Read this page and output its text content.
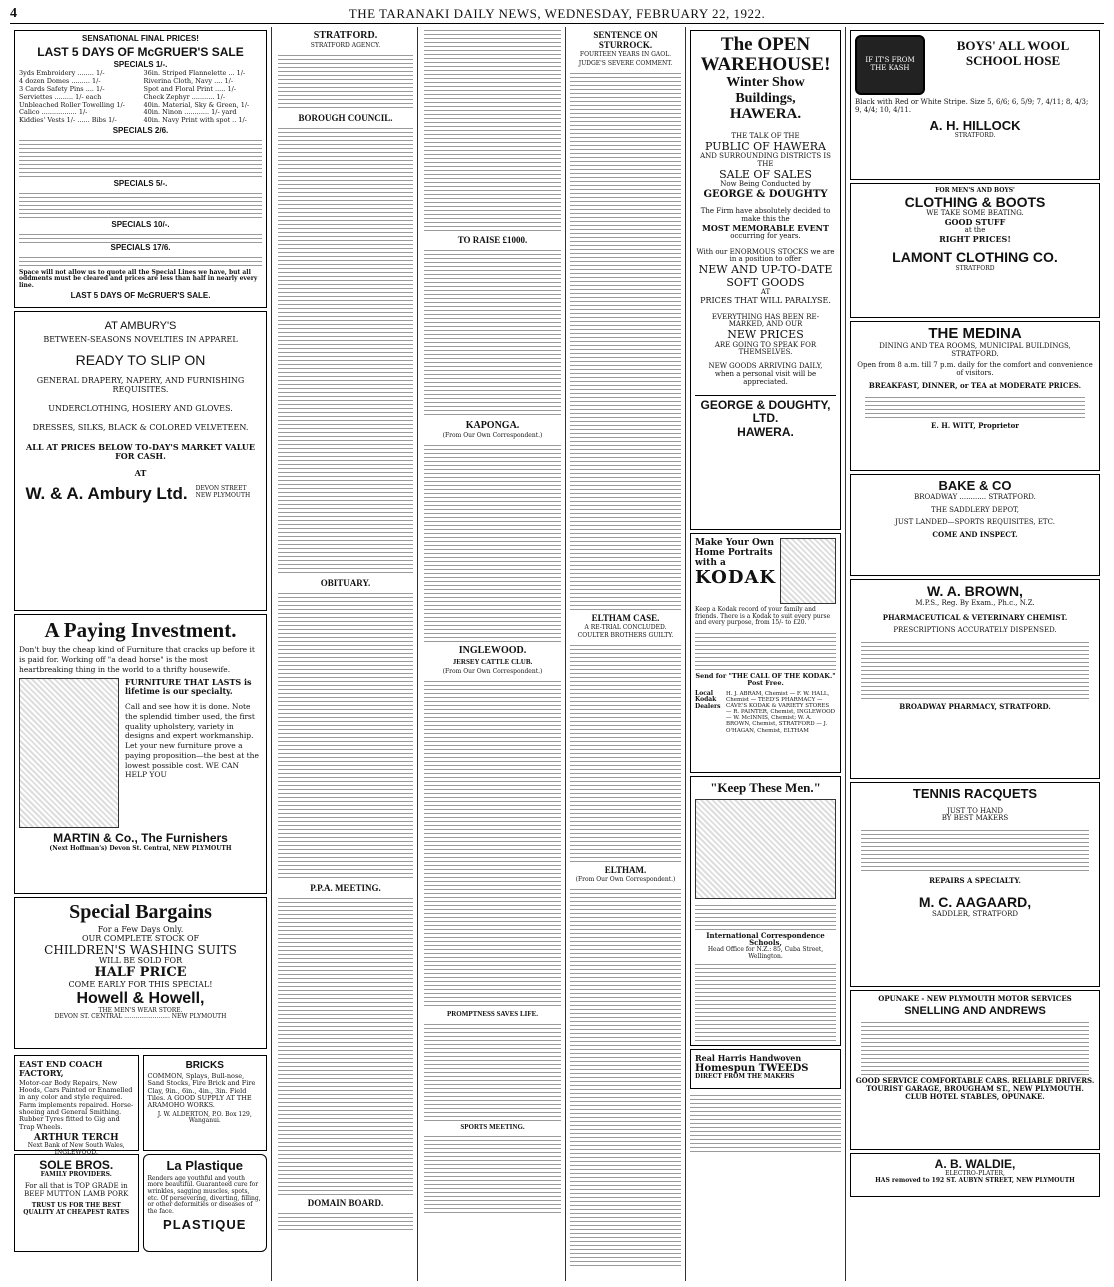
4	THE TARANAKI DAILY NEWS, WEDNESDAY, FEBRUARY 22, 1922.
SENSATIONAL FINAL PRICES!
LAST 5 DAYS OF McGRUER'S SALE
SPECIALS 1/-.
3yds Embroidery ........ 1/-
4 dozen Domes ......... 1/-
3 Cards Safety Pins .... 1/-
Serviettes ......... 1/- each
Unbleached Roller Towelling 1/-
Calico ................. 1/-
Kiddies' Vests 1/- ...... Bibs 1/-
36in. Striped Flannelette ... 1/-
Riverina Cloth, Navy .... 1/-
Spot and Floral Print ..... 1/-
Check Zephyr ........... 1/-
40in. Material, Sky & Green, 1/-
40in. Ninon ............ 1/- yard
40in. Navy Print with spot .. 1/-
SPECIALS 2/6.
SPECIALS 5/-.
SPECIALS 10/-.
SPECIALS 17/6.
Space will not allow us to quote all the Special Lines we have, but all oddments must be cleared and prices are less than half in nearly every line.
LAST 5 DAYS OF McGRUER'S SALE.
AT AMBURY'S
BETWEEN-SEASONS NOVELTIES IN APPAREL
READY TO SLIP ON
GENERAL DRAPERY, NAPERY, AND FURNISHING REQUISITES.
UNDERCLOTHING, HOSIERY AND GLOVES.
DRESSES, SILKS, BLACK & COLORED VELVETEEN.
ALL AT PRICES BELOW TO-DAY'S MARKET VALUE FOR CASH.
AT
W. & A. Ambury Ltd. DEVON STREET NEW PLYMOUTH
A Paying Investment.
Don't buy the cheap kind of Furniture that cracks up before it is paid for. Working off "a dead horse" is the most heartbreaking thing in the world to a thrifty housewife.
FURNITURE THAT LASTS is lifetime is our specialty.
Call and see how it is done. Note the splendid timber used, the first quality upholstery, variety in designs and expert workmanship. Let your new furniture prove a paying proposition—the best at the lowest possible cost. WE CAN HELP YOU
MARTIN & Co., The Furnishers
(Next Hoffman's) Devon St. Central, NEW PLYMOUTH
Special Bargains
For a Few Days Only.
OUR COMPLETE STOCK OF
CHILDREN'S WASHING SUITS
WILL BE SOLD FOR
HALF PRICE
COME EARLY FOR THIS SPECIAL!
Howell & Howell,
THE MEN'S WEAR STORE.
DEVON ST. CENTRAL ........................ NEW PLYMOUTH
EAST END COACH FACTORY,
Motor-car Body Repairs, New Hoods, Cars Painted or Enamelled in any color and style required. Farm implements repaired. Horse-shoeing and General Smithing. Rubber Tyres fitted to Gig and Trap Wheels.
ARTHUR TERCH
Next Bank of New South Wales, INGLEWOOD.
SOLE BROS.
FAMILY PROVIDERS.
For all that is TOP GRADE in BEEF MUTTON LAMB PORK
TRUST US FOR THE BEST QUALITY AT CHEAPEST RATES
BRICKS
COMMON, Splays, Bull-nose, Sand Stocks, Fire Brick and Fire Clay, 9in., 6in., 4in., 3in. Field Tiles. A GOOD SUPPLY AT THE ARAMOHO WORKS.
J. W. ALDERTON, P.O. Box 129, Wanganui.
La Plastique
Renders age youthful and youth more beautiful. Guaranteed cure for wrinkles, sagging muscles, spots, etc. Of persevering, diverting, filling, or other deformities or diseases of the face.
PLASTIQUE
STRATFORD.
STRATFORD AGENCY.
BOROUGH COUNCIL.
OBITUARY.
P.P.A. MEETING.
DOMAIN BOARD.
TO RAISE £1000.
KAPONGA.
(From Our Own Correspondent.)
INGLEWOOD.
JERSEY CATTLE CLUB.
(From Our Own Correspondent.)
PROMPTNESS SAVES LIFE.
SPORTS MEETING.
SENTENCE ON STURROCK.
FOURTEEN YEARS IN GAOL.
JUDGE'S SEVERE COMMENT.
ELTHAM CASE.
A RE-TRIAL CONCLUDED.
COULTER BROTHERS GUILTY.
ELTHAM.
(From Our Own Correspondent.)
The OPEN WAREHOUSE!
Winter Show Buildings,
HAWERA.
THE TALK OF THE
PUBLIC OF HAWERA
AND SURROUNDING DISTRICTS IS THE
SALE OF SALES
Now Being Conducted by
GEORGE & DOUGHTY
The Firm have absolutely decided to make this the
MOST MEMORABLE EVENT
occurring for years.
With our ENORMOUS STOCKS we are in a position to offer
NEW AND UP-TO-DATE
SOFT GOODS
AT
PRICES THAT WILL PARALYSE.
EVERYTHING HAS BEEN RE-MARKED, AND OUR
NEW PRICES
ARE GOING TO SPEAK FOR THEMSELVES.
NEW GOODS ARRIVING DAILY,
when a personal visit will be appreciated.
GEORGE & DOUGHTY, LTD.
HAWERA.
Make Your Own
Home Portraits
with a
KODAK
Keep a Kodak record of your family and friends. There is a Kodak to suit every purse and every purpose, from 15/- to £20.
Send for "THE CALL OF THE KODAK." Post Free.
Local Kodak Dealers
H. J. ABRAM, Chemist — F. W. HALL, Chemist — TEED'S PHARMACY — CAVE'S KODAK & VARIETY STORES — R. PAINTER, Chemist, INGLEWOOD — W. McINNIS, Chemist; W. A. BROWN, Chemist, STRATFORD — J. O'HAGAN, Chemist, ELTHAM
"Keep These Men."
International Correspondence Schools,
Head Office for N.Z.: 85, Cuba Street, Wellington.
Real Harris Handwoven
Homespun TWEEDS
DIRECT FROM THE MAKERS
IF IT'S FROM THE KASH
BOYS' ALL WOOL SCHOOL HOSE
Black with Red or White Stripe. Size 5, 6/6; 6, 5/9; 7, 4/11; 8, 4/3; 9, 4/4; 10, 4/11.
A. H. HILLOCK
STRATFORD.
FOR MEN'S AND BOYS'
CLOTHING & BOOTS
WE TAKE SOME BEATING.
GOOD STUFF
at the
RIGHT PRICES!
LAMONT CLOTHING CO.
STRATFORD
THE MEDINA
DINING AND TEA ROOMS, MUNICIPAL BUILDINGS, STRATFORD.
Open from 8 a.m. till 7 p.m. daily for the comfort and convenience of visitors.
BREAKFAST, DINNER, or TEA at MODERATE PRICES.
E. H. WITT, Proprietor
BAKE & CO
BROADWAY ............ STRATFORD.
THE SADDLERY DEPOT,
JUST LANDED—SPORTS REQUISITES, ETC.
COME AND INSPECT.
W. A. BROWN,
M.P.S., Reg. By Exam., Ph.c., N.Z.
PHARMACEUTICAL & VETERINARY CHEMIST.
PRESCRIPTIONS ACCURATELY DISPENSED.
BROADWAY PHARMACY, STRATFORD.
TENNIS RACQUETS
JUST TO HAND
BY BEST MAKERS
REPAIRS A SPECIALTY.
M. C. AAGAARD,
SADDLER, STRATFORD
OPUNAKE - NEW PLYMOUTH MOTOR SERVICES
SNELLING AND ANDREWS
GOOD SERVICE COMFORTABLE CARS. RELIABLE DRIVERS.
TOURIST GARAGE, BROUGHAM ST., NEW PLYMOUTH.
CLUB HOTEL STABLES, OPUNAKE.
A. B. WALDIE,
ELECTRO-PLATER,
HAS removed to 192 ST. AUBYN STREET, NEW PLYMOUTH
